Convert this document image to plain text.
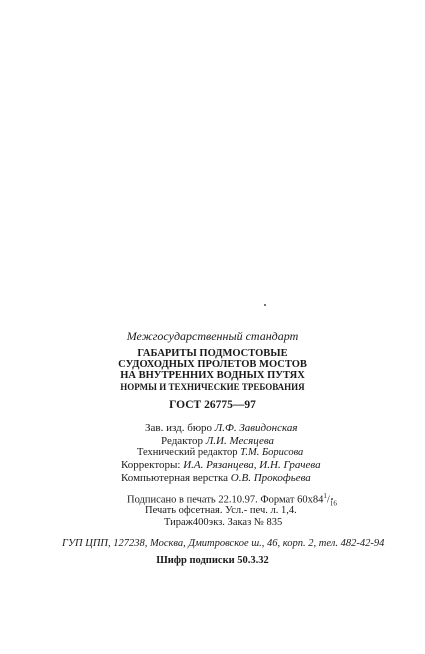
Межгосударственный стандарт
ГАБАРИТЫ ПОДМОСТОВЫЕ
СУДОХОДНЫХ ПРОЛЕТОВ МОСТОВ
НА ВНУТРЕННИХ ВОДНЫХ ПУТЯХ
НОРМЫ И ТЕХНИЧЕСКИЕ ТРЕБОВАНИЯ
ГОСТ 26775—97
Зав. изд. бюро Л.Ф. Завидонская
Редактор Л.И. Месяцева
Технический редактор Т.М. Борисова
Корректоры: И.А. Рязанцева, И.Н. Грачева
Компьютерная верстка О.В. Прокофьева
Подписано в печать 22.10.97. Формат $60x84^1/_{16}$
Печать офсетная. Усл.- печ. л. 1,4.
Тираж400экз. Заказ № 835
ГУП ЦПП, 127238, Москва, Дмитровское ш., 46, корп. 2, тел. 482-42-94
Шифр подписки 50.3.32
